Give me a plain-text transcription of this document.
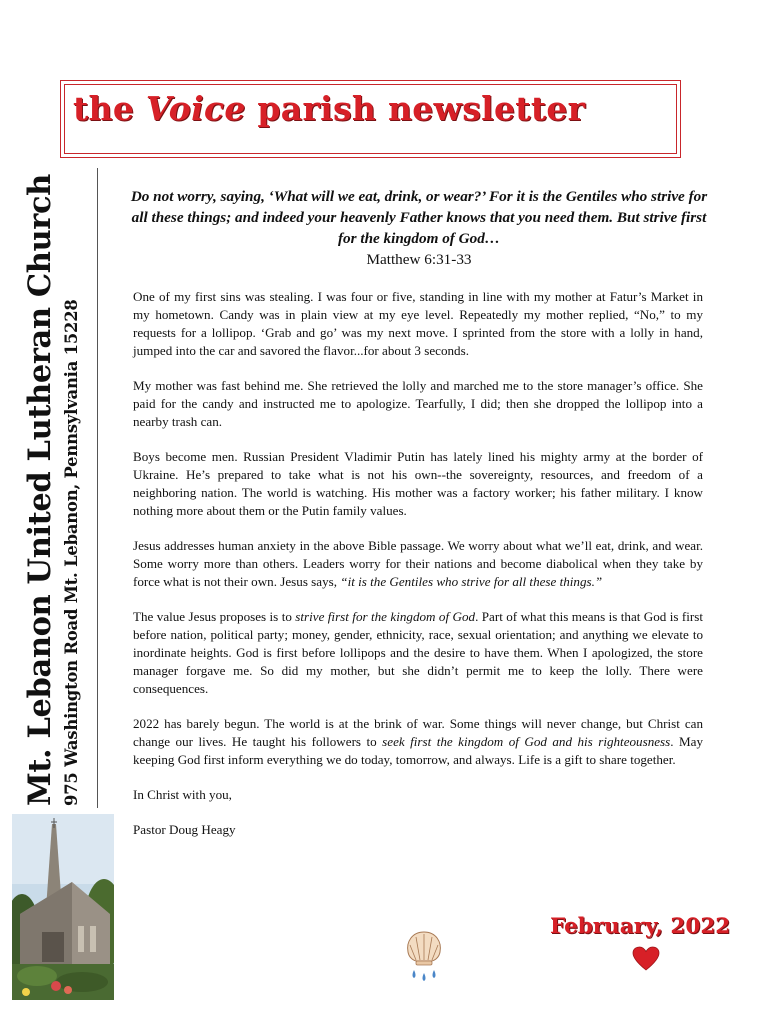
the Voice parish newsletter

Mt. Lebanon United Lutheran Church 975 Washington Road Mt. Lebanon, Pennsylvania 15228

Do not worry, saying, ‘What will we eat, drink, or wear?’ For it is the Gentiles who strive for all these things; and indeed your heavenly Father knows that you need them. But strive first for the kingdom of God…
Matthew 6:31-33

One of my first sins was stealing. I was four or five, standing in line with my mother at Fatur’s Market in my hometown. Candy was in plain view at my eye level. Repeatedly my mother replied, “No,” to my requests for a lollipop. ‘Grab and go’ was my next move. I sprinted from the store with a lolly in hand, jumped into the car and savored the flavor...for about 3 seconds.

My mother was fast behind me. She retrieved the lolly and marched me to the store manager’s office. She paid for the candy and instructed me to apologize. Tearfully, I did; then she dropped the lollipop into a nearby trash can.

Boys become men. Russian President Vladimir Putin has lately lined his mighty army at the border of Ukraine. He’s prepared to take what is not his own--the sovereignty, resources, and freedom of a neighboring nation. The world is watching. His mother was a factory worker; his father military. I know nothing more about them or the Putin family values.

Jesus addresses human anxiety in the above Bible passage. We worry about what we’ll eat, drink, and wear. Some worry more than others. Leaders worry for their nations and become diabolical when they take by force what is not their own. Jesus says, “it is the Gentiles who strive for all these things.”

The value Jesus proposes is to strive first for the kingdom of God. Part of what this means is that God is first before nation, political party; money, gender, ethnicity, race, sexual orientation; and anything we elevate to inordinate heights. God is first before lollipops and the desire to have them. When I apologized, the store manager forgave me. So did my mother, but she didn’t permit me to keep the lolly. There were consequences.

2022 has barely begun. The world is at the brink of war. Some things will never change, but Christ can change our lives. He taught his followers to seek first the kingdom of God and his righteousness. May keeping God first inform everything we do today, tomorrow, and always. Life is a gift to share together.

In Christ with you,

Pastor Doug Heagy

February, 2022
